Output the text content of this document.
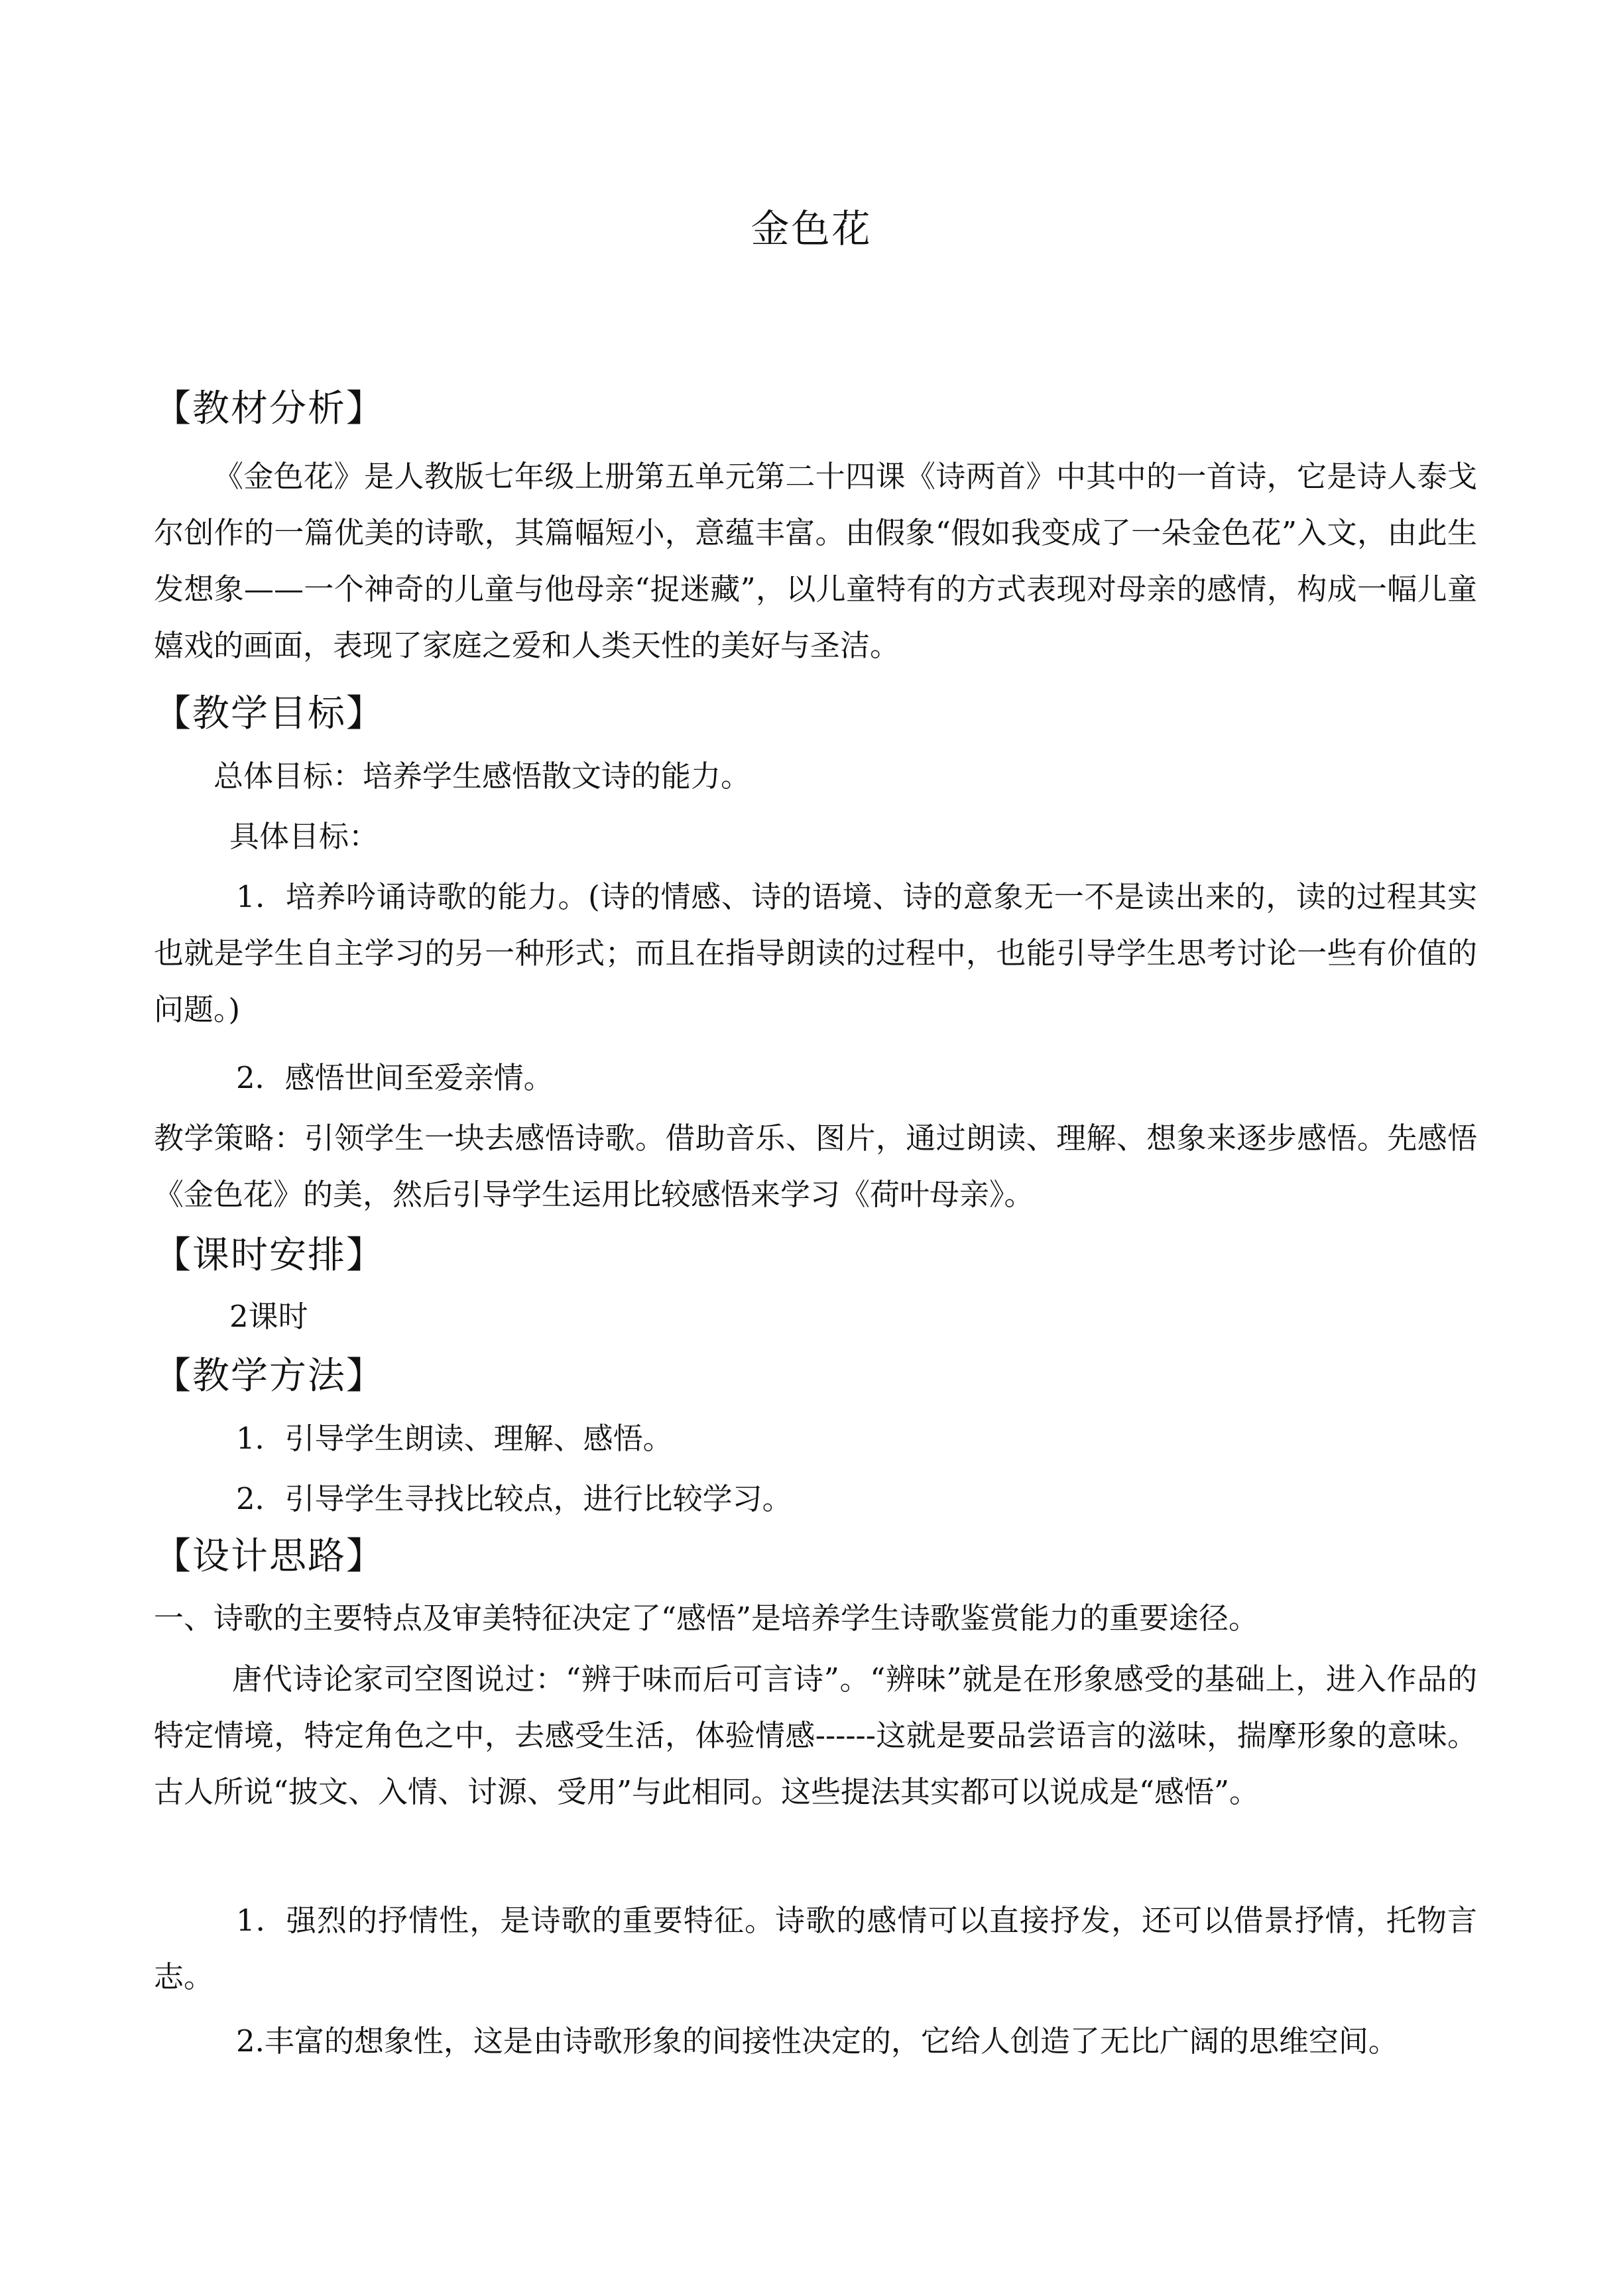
金色花
【教材分析】
《金色花》是人教版七年级上册第五单元第二十四课《诗两首》中其中的一首诗，它是诗人泰戈尔创作的一篇优美的诗歌，其篇幅短小，意蕴丰富。由假象“假如我变成了一朵金色花”入文，由此生发想象——一个神奇的儿童与他母亲“捉迷藏”，以儿童特有的方式表现对母亲的感情，构成一幅儿童嬉戏的画面，表现了家庭之爱和人类天性的美好与圣洁。
【教学目标】
总体目标：培养学生感悟散文诗的能力。
具体目标：
1．培养吟诵诗歌的能力。(诗的情感、诗的语境、诗的意象无一不是读出来的，读的过程其实也就是学生自主学习的另一种形式；而且在指导朗读的过程中，也能引导学生思考讨论一些有价值的问题。)
2．感悟世间至爱亲情。
教学策略：引领学生一块去感悟诗歌。借助音乐、图片，通过朗读、理解、想象来逐步感悟。先感悟《金色花》的美，然后引导学生运用比较感悟来学习《荷叶母亲》。
【课时安排】
2课时
【教学方法】
1．引导学生朗读、理解、感悟。
2．引导学生寻找比较点，进行比较学习。
【设计思路】
一、诗歌的主要特点及审美特征决定了“感悟”是培养学生诗歌鉴赏能力的重要途径。
唐代诗论家司空图说过：“辨于味而后可言诗”。“辨味”就是在形象感受的基础上，进入作品的特定情境，特定角色之中，去感受生活，体验情感------这就是要品尝语言的滋味，揣摩形象的意味。古人所说“披文、入情、讨源、受用”与此相同。这些提法其实都可以说成是“感悟”。
1．强烈的抒情性，是诗歌的重要特征。诗歌的感情可以直接抒发，还可以借景抒情，托物言志。
2.丰富的想象性，这是由诗歌形象的间接性决定的，它给人创造了无比广阔的思维空间。
